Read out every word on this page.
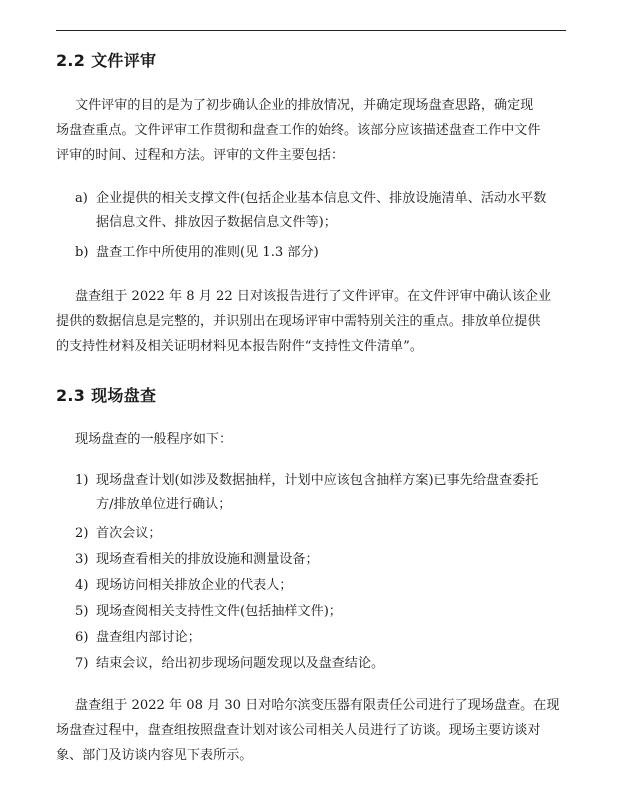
2.2 文件评审
文件评审的目的是为了初步确认企业的排放情况，并确定现场盘查思路，确定现
场盘查重点。文件评审工作贯彻和盘查工作的始终。该部分应该描述盘查工作中文件
评审的时间、过程和方法。评审的文件主要包括：
a) 企业提供的相关支撑文件(包括企业基本信息文件、排放设施清单、活动水平数
据信息文件、排放因子数据信息文件等)；
b) 盘查工作中所使用的准则(见 1.3 部分)
盘查组于 2022 年 8 月 22 日对该报告进行了文件评审。在文件评审中确认该企业
提供的数据信息是完整的，并识别出在现场评审中需特别关注的重点。排放单位提供
的支持性材料及相关证明材料见本报告附件“支持性文件清单”。
2.3 现场盘查
现场盘查的一般程序如下：
1) 现场盘查计划(如涉及数据抽样，计划中应该包含抽样方案)已事先给盘查委托
方/排放单位进行确认；
2) 首次会议；
3) 现场查看相关的排放设施和测量设备；
4) 现场访问相关排放企业的代表人；
5) 现场查阅相关支持性文件(包括抽样文件)；
6) 盘查组内部讨论；
7) 结束会议，给出初步现场问题发现以及盘查结论。
盘查组于 2022 年 08 月 30 日对哈尔滨变压器有限责任公司进行了现场盘查。在现
场盘查过程中，盘查组按照盘查计划对该公司相关人员进行了访谈。现场主要访谈对
象、部门及访谈内容见下表所示。
